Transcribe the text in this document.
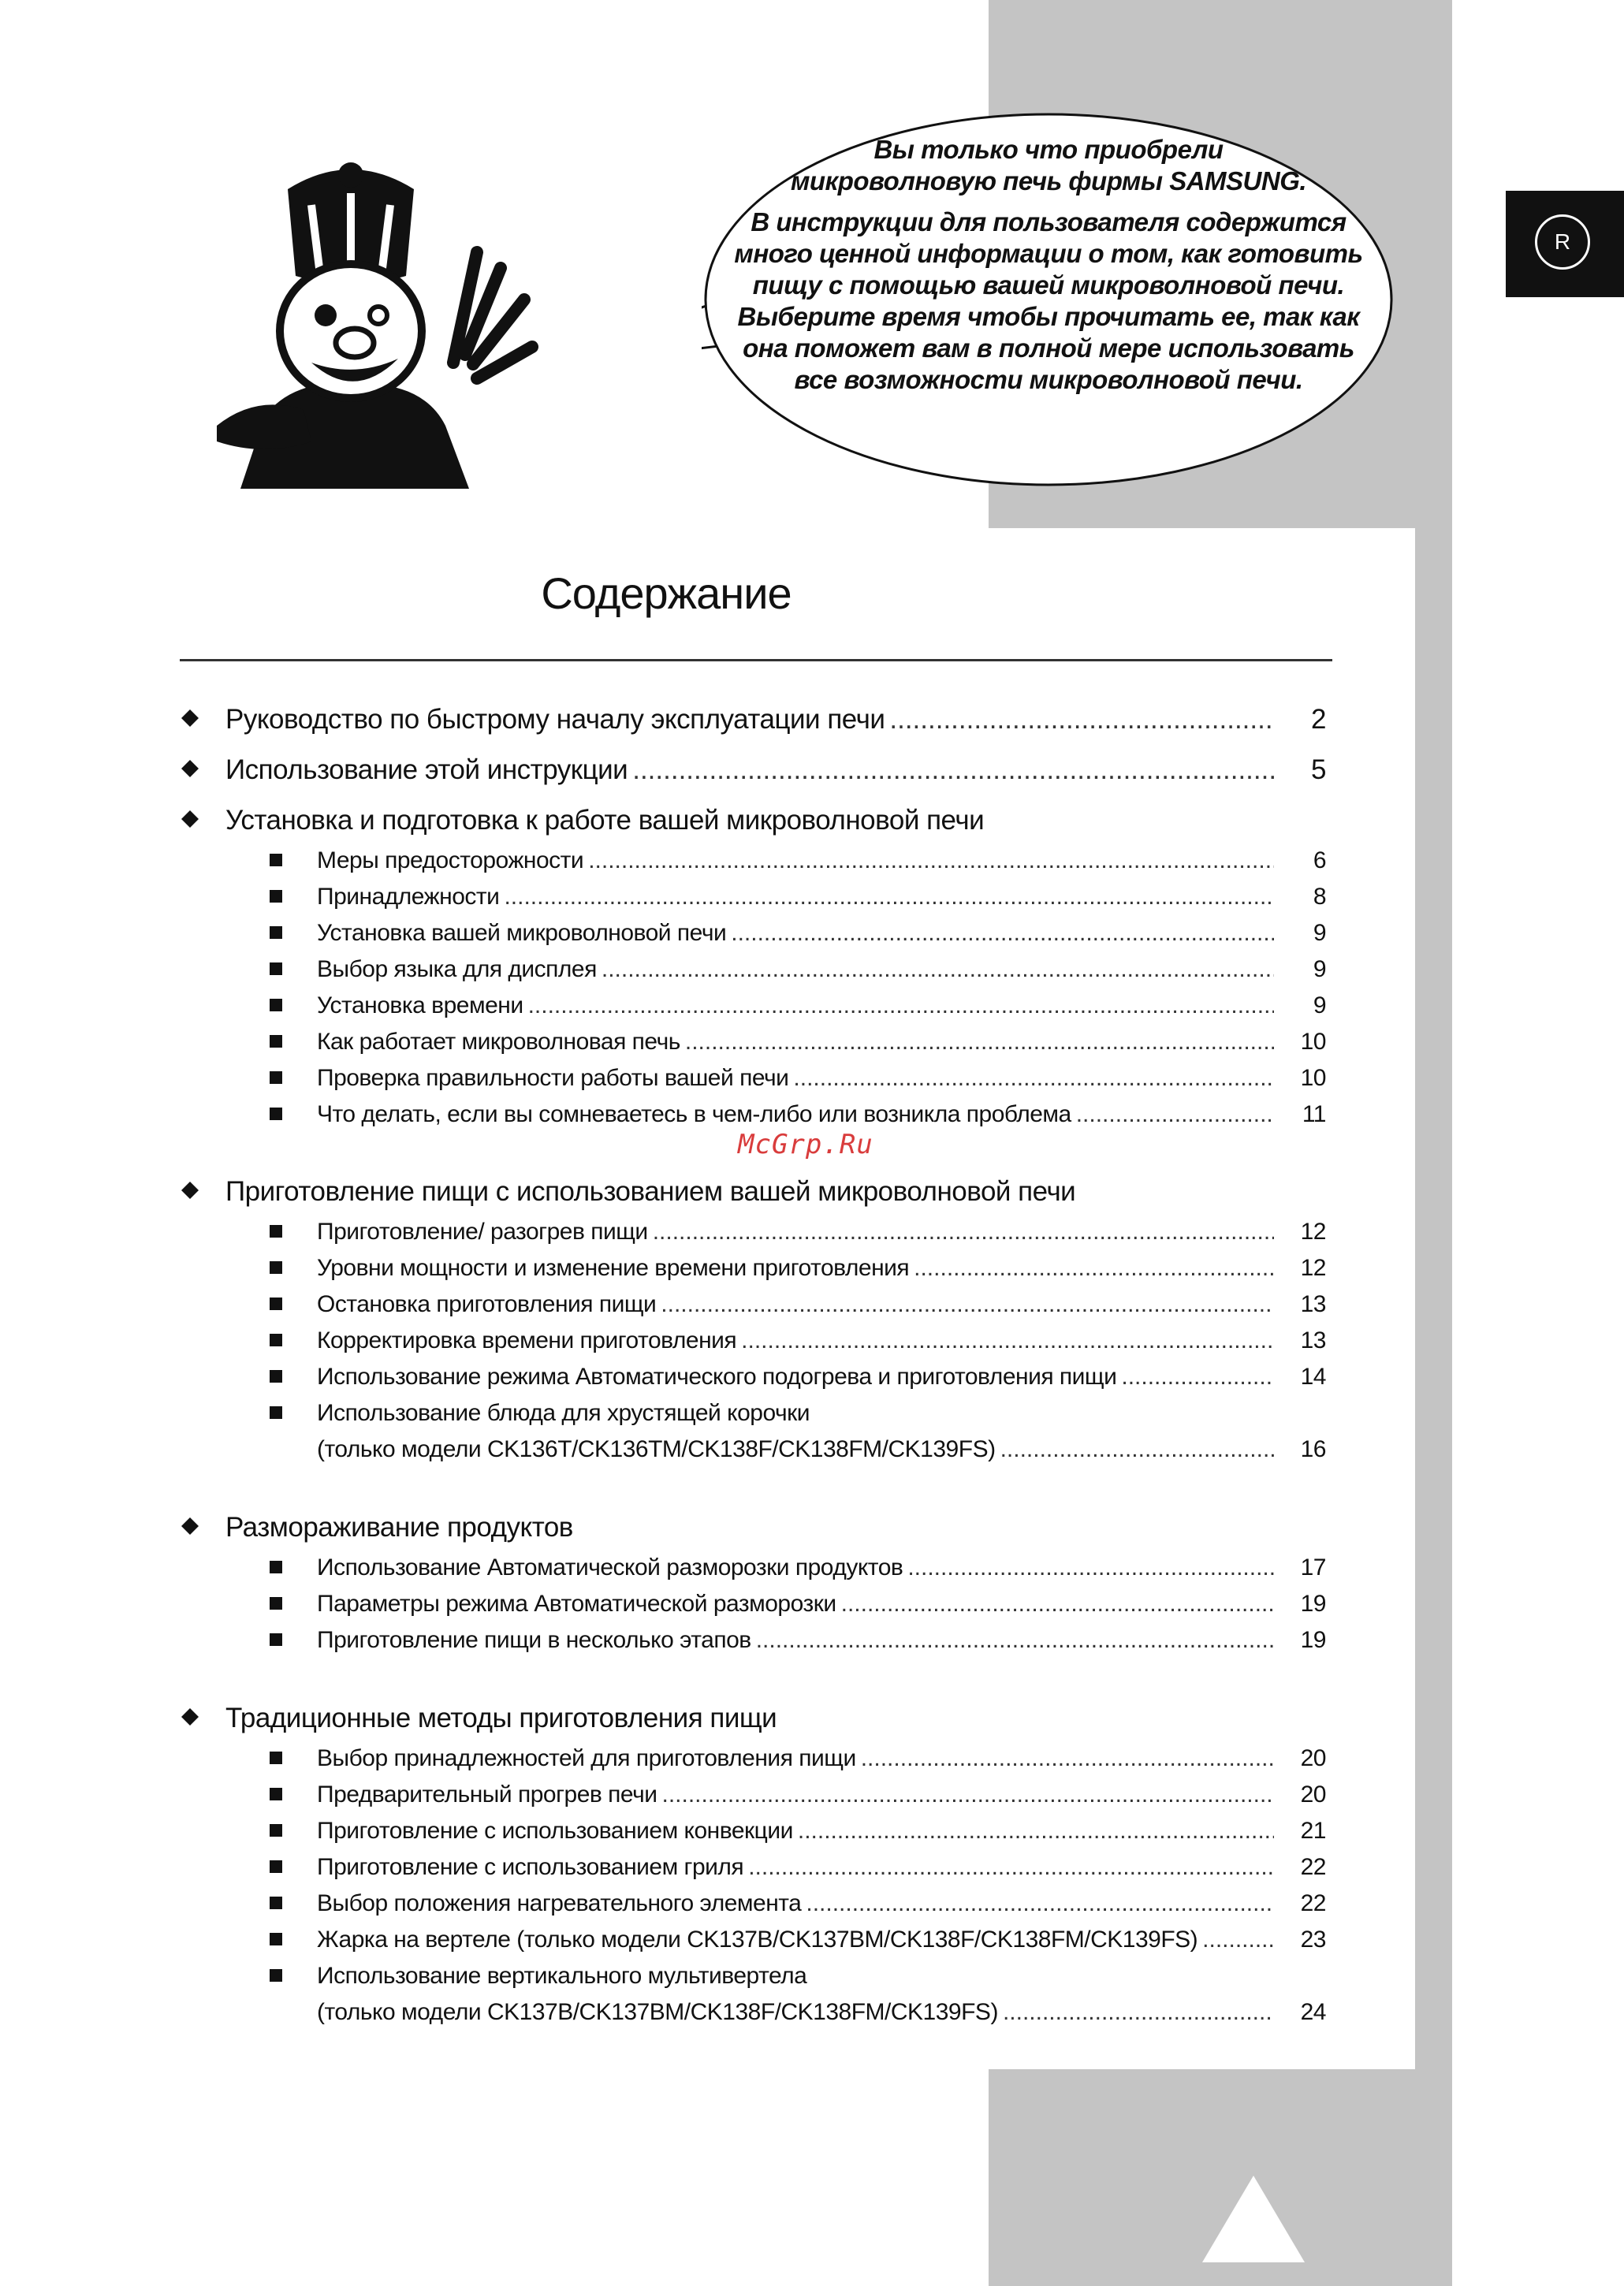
R

Вы только что приобрели
микроволновую печь фирмы SAMSUNG.

В инструкции для пользователя содержится
много ценной информации о том, как готовить
пищу с помощью вашей микроволновой печи.
Выберите время чтобы прочитать ее, так как
она поможет вам в полной мере использовать
все возможности микроволновой печи.

Содержание
Руководство по быстрому началу эксплуатации печи .....	2
Использование этой инструкции .....	5
Установка и подготовка к работе вашей микроволновой печи
Меры предосторожности .....	6
Принадлежности .....	8
Установка вашей микроволновой печи .....	9
Выбор языка для дисплея .....	9
Установка времени .....	9
Как работает микроволновая печь .....	10
Проверка правильности работы вашей печи .....	10
Что делать, если вы сомневаетесь в чем-либо или возникла проблема .....	11
Приготовление пищи с использованием вашей микроволновой печи
Приготовление/ разогрев пищи .....	12
Уровни мощности и изменение времени приготовления .....	12
Остановка приготовления пищи .....	13
Корректировка времени приготовления .....	13
Использование режима Автоматического подогрева и приготовления пищи .....	14
Использование блюда для хрустящей корочки
(только модели CK136T/CK136TM/CK138F/CK138FM/CK139FS) .....	16
Размораживание продуктов
Использование Автоматической разморозки продуктов .....	17
Параметры режима Автоматической разморозки .....	19
Приготовление пищи в несколько этапов .....	19
Традиционные методы приготовления пищи
Выбор принадлежностей для приготовления пищи .....	20
Предварительный прогрев печи .....	20
Приготовление с использованием конвекции .....	21
Приготовление с использованием гриля .....	22
Выбор положения нагревательного элемента .....	22
Жарка на вертеле (только модели CK137B/CK137BM/CK138F/CK138FM/CK139FS) .....	23
Использование вертикального мультивертела
(только модели CK137B/CK137BM/CK138F/CK138FM/CK139FS) .....	24
McGrp.Ru
